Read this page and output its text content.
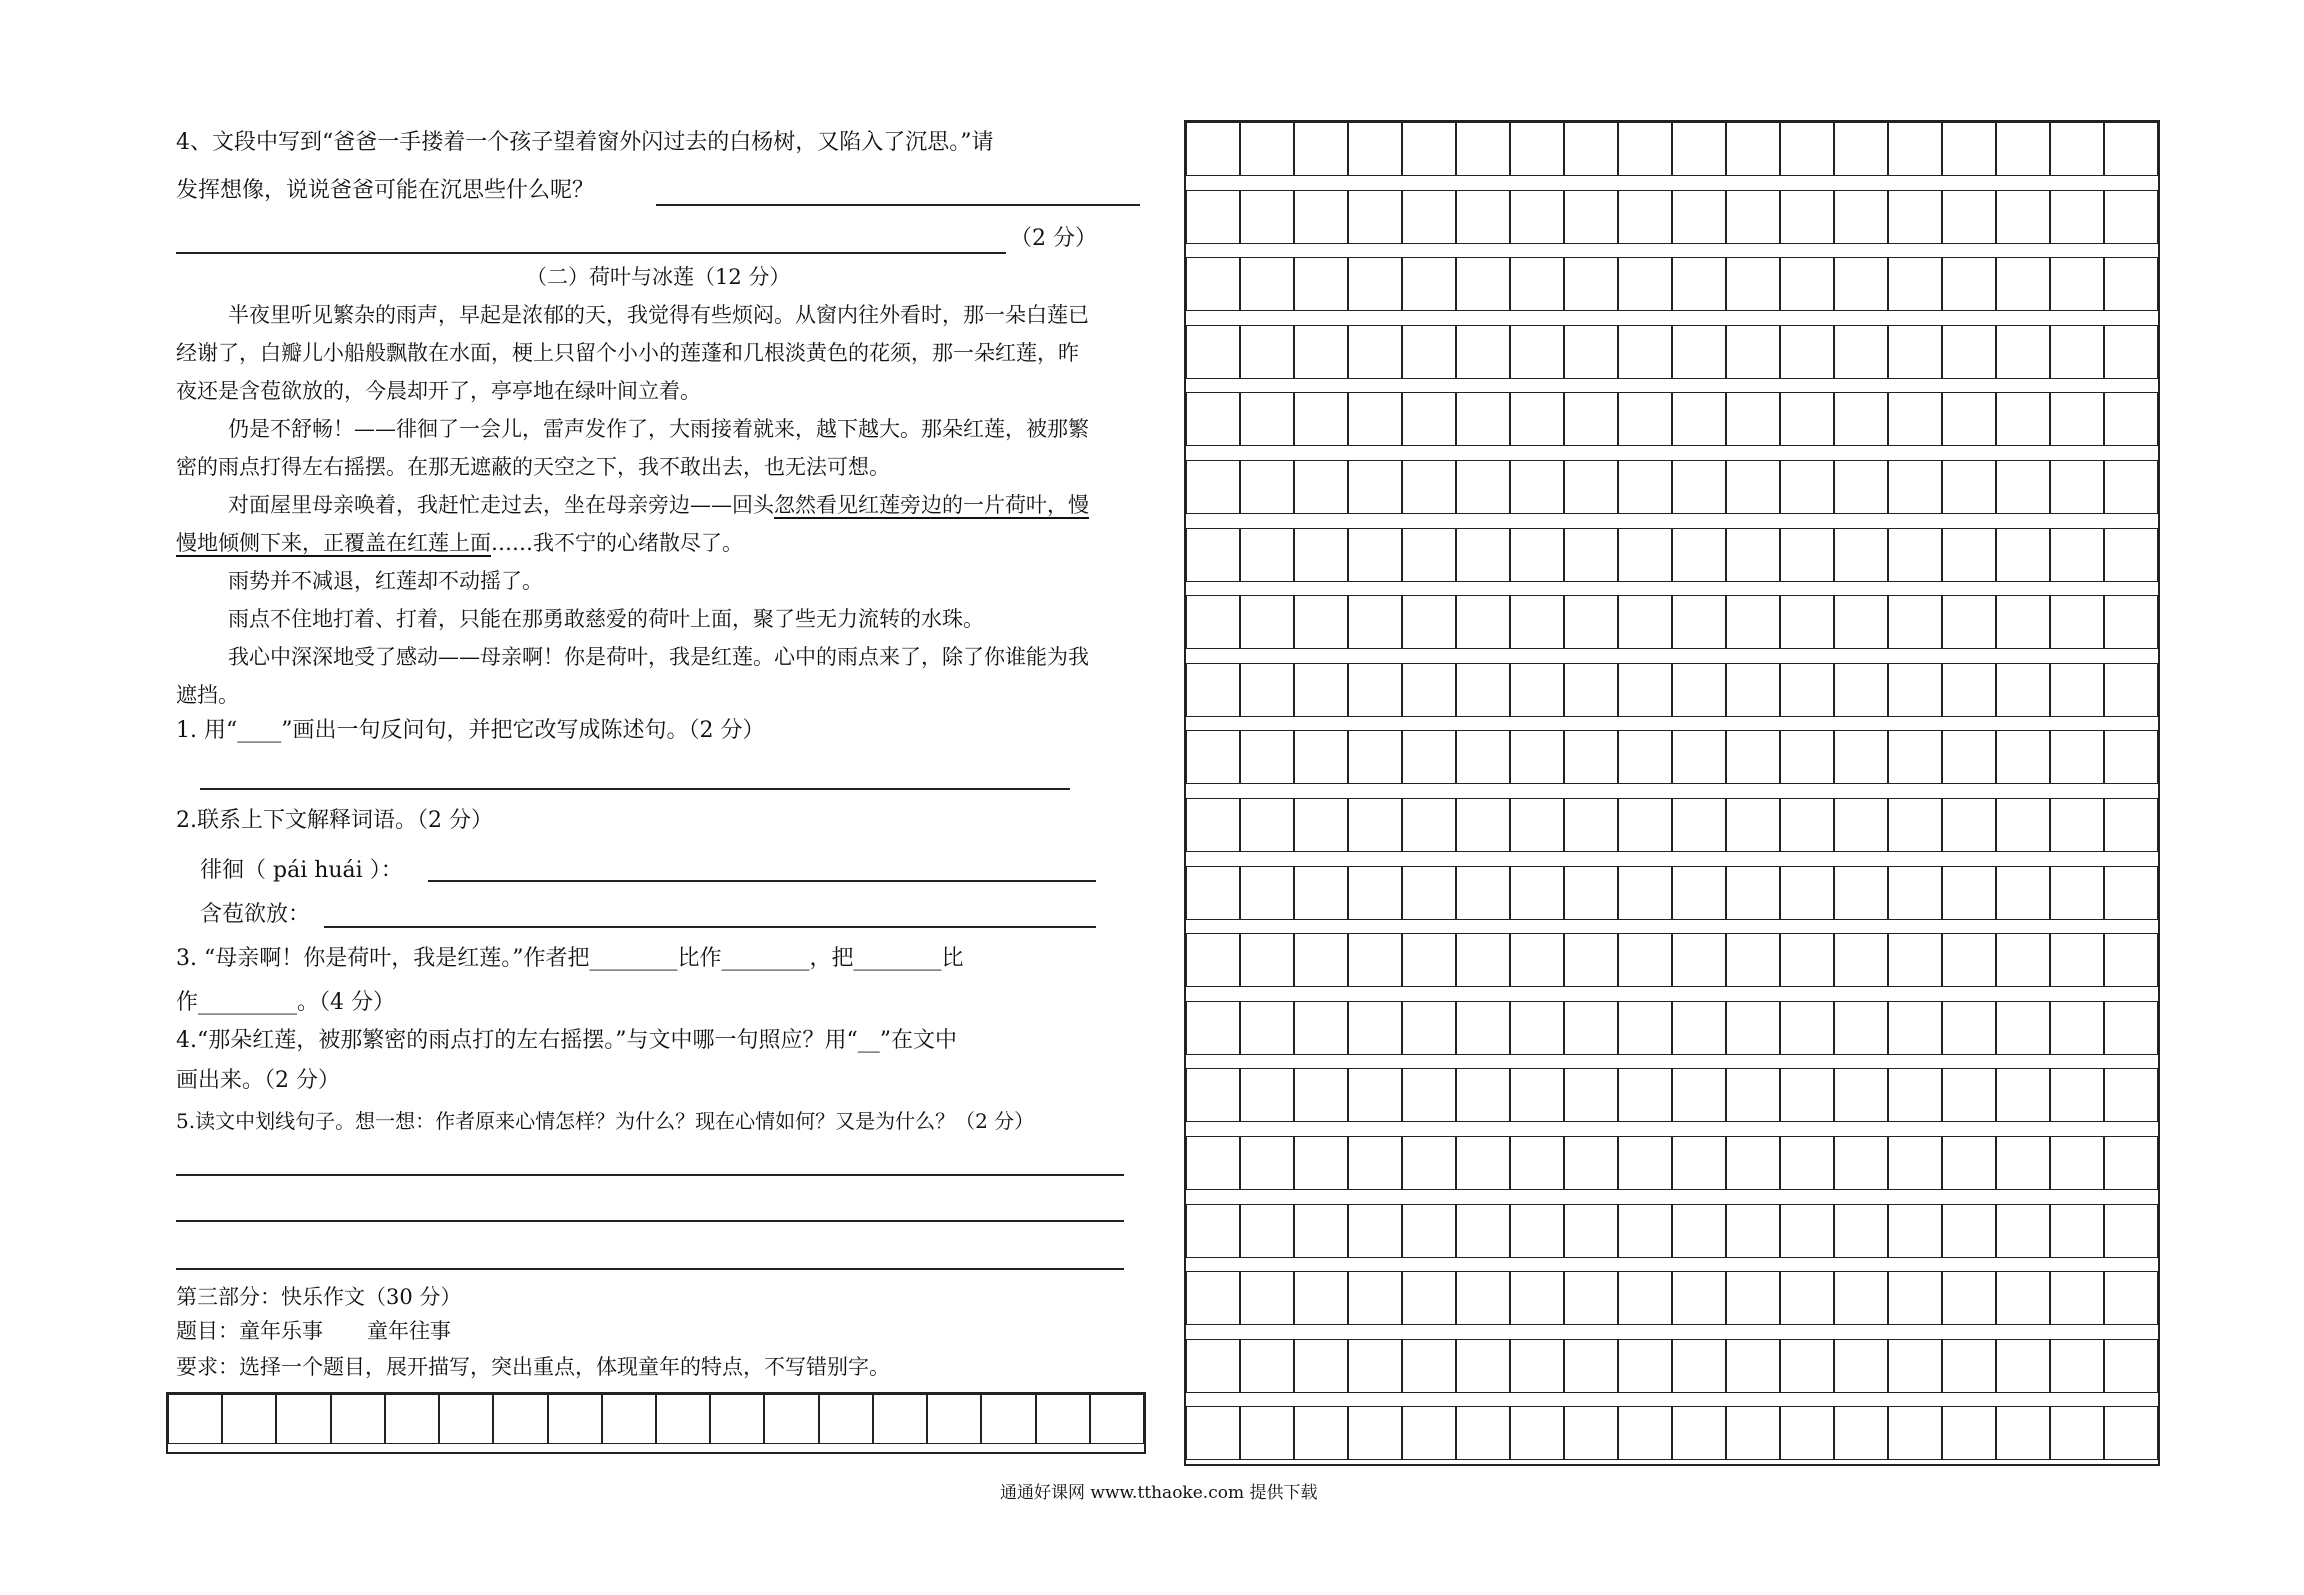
4、文段中写到“爸爸一手搂着一个孩子望着窗外闪过去的白杨树，又陷入了沉思。”请
发挥想像，说说爸爸可能在沉思些什么呢？
（2 分）
（二）荷叶与冰莲（12 分）
半夜里听见繁杂的雨声，早起是浓郁的天，我觉得有些烦闷。从窗内往外看时，那一朵白莲已
经谢了，白瓣儿小船般飘散在水面，梗上只留个小小的莲蓬和几根淡黄色的花须，那一朵红莲，昨
夜还是含苞欲放的，今晨却开了，亭亭地在绿叶间立着。
仍是不舒畅！——徘徊了一会儿，雷声发作了，大雨接着就来，越下越大。那朵红莲，被那繁
密的雨点打得左右摇摆。在那无遮蔽的天空之下，我不敢出去，也无法可想。
对面屋里母亲唤着，我赶忙走过去，坐在母亲旁边——回头忽然看见红莲旁边的一片荷叶，慢
慢地倾侧下来，正覆盖在红莲上面……我不宁的心绪散尽了。
雨势并不减退，红莲却不动摇了。
雨点不住地打着、打着，只能在那勇敢慈爱的荷叶上面，聚了些无力流转的水珠。
我心中深深地受了感动——母亲啊！你是荷叶，我是红莲。心中的雨点来了，除了你谁能为我
遮挡。
1. 用“____”画出一句反问句，并把它改写成陈述句。（2 分）
2.联系上下文解释词语。（2 分）
徘徊（ pái huái ）：
含苞欲放：
3. “母亲啊！你是荷叶，我是红莲。”作者把________比作________，把________比
作_________。（4 分）
4.“那朵红莲，被那繁密的雨点打的左右摇摆。”与文中哪一句照应？用“__”在文中
画出来。（2 分）
5.读文中划线句子。想一想：作者原来心情怎样？为什么？现在心情如何？又是为什么？（2 分）
第三部分：快乐作文（30 分）
题目：童年乐事 童年往事
要求：选择一个题目，展开描写，突出重点，体现童年的特点，不写错别字。
通通好课网 www.tthaoke.com 提供下载
